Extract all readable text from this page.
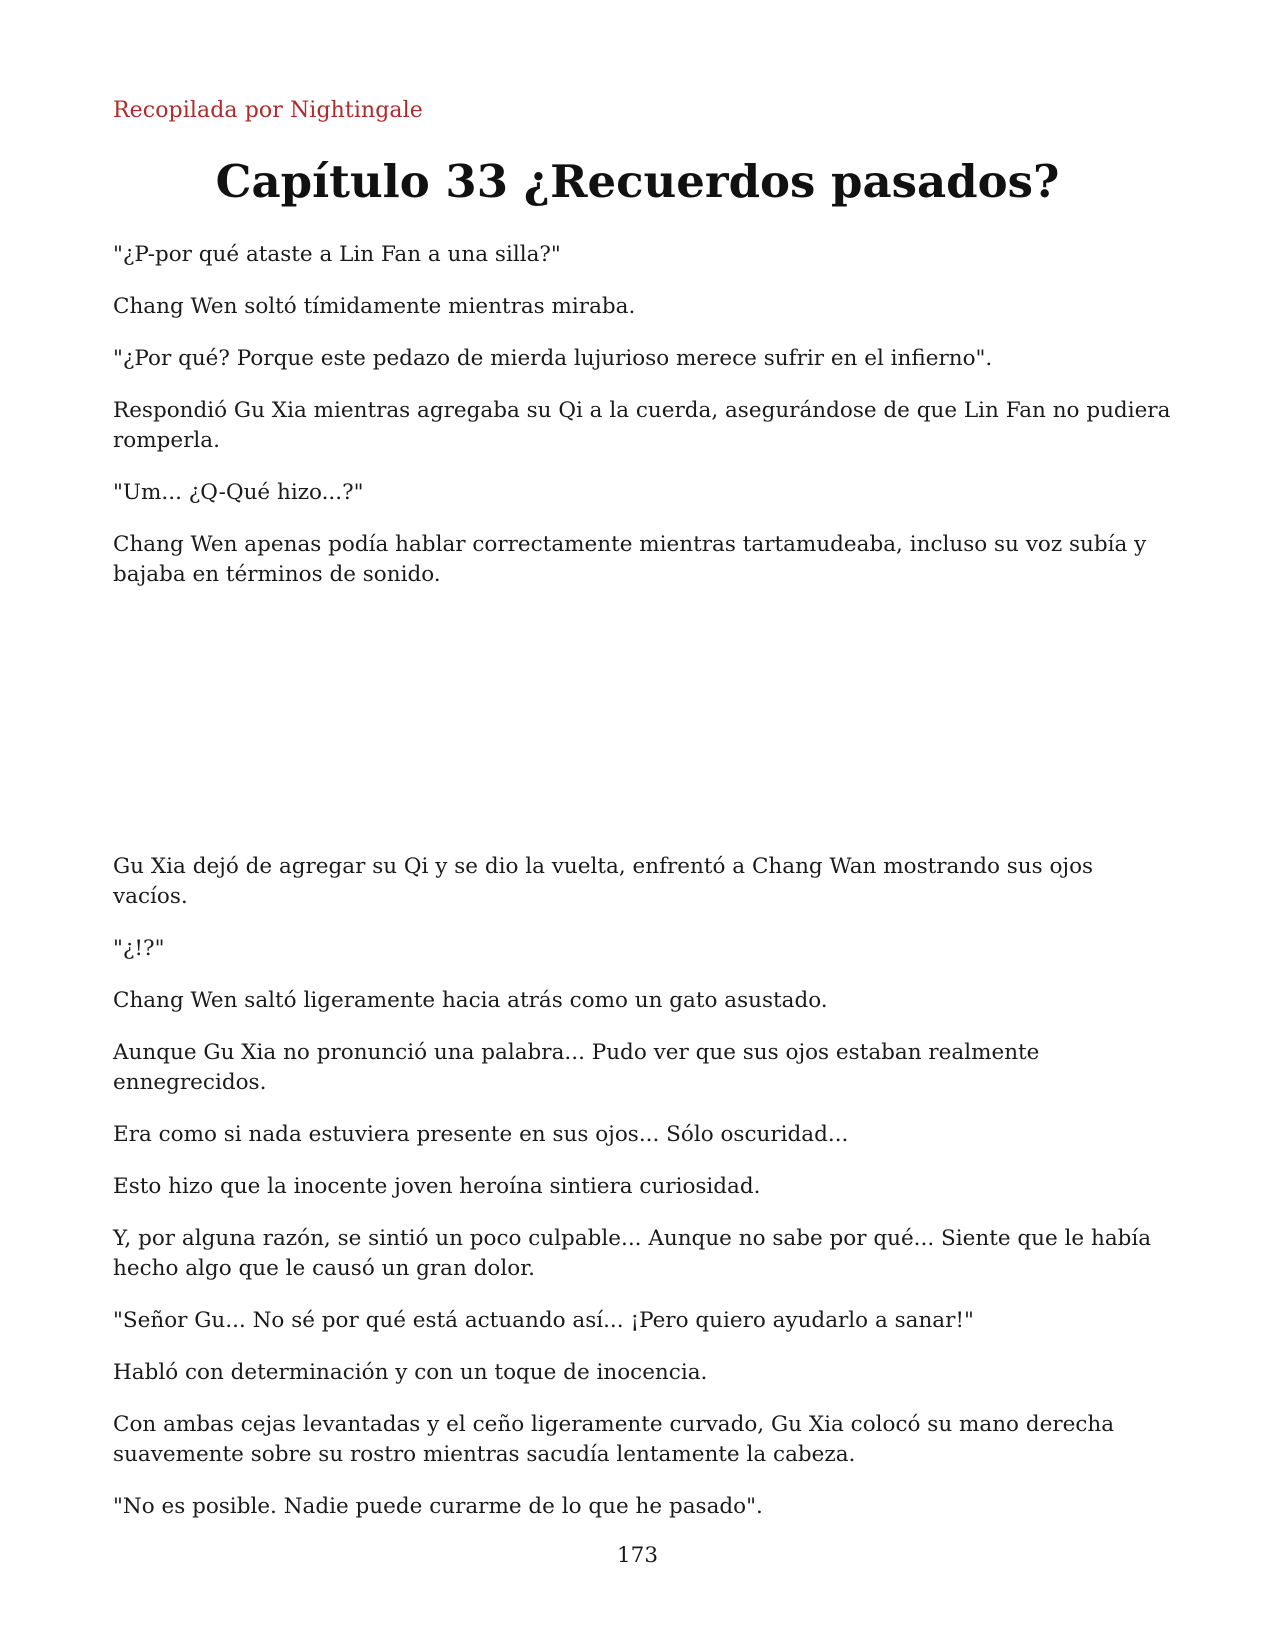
Recopilada por Nightingale
Capítulo 33 ¿Recuerdos pasados?

"¿P-por qué ataste a Lin Fan a una silla?"

Chang Wen soltó tímidamente mientras miraba.

"¿Por qué? Porque este pedazo de mierda lujurioso merece sufrir en el infierno".

Respondió Gu Xia mientras agregaba su Qi a la cuerda, asegurándose de que Lin Fan no pudiera romperla.

"Um... ¿Q-Qué hizo...?"

Chang Wen apenas podía hablar correctamente mientras tartamudeaba, incluso su voz subía y bajaba en términos de sonido.

Gu Xia dejó de agregar su Qi y se dio la vuelta, enfrentó a Chang Wan mostrando sus ojos vacíos.

"¿!?"

Chang Wen saltó ligeramente hacia atrás como un gato asustado.

Aunque Gu Xia no pronunció una palabra... Pudo ver que sus ojos estaban realmente ennegrecidos.

Era como si nada estuviera presente en sus ojos... Sólo oscuridad...

Esto hizo que la inocente joven heroína sintiera curiosidad.

Y, por alguna razón, se sintió un poco culpable... Aunque no sabe por qué... Siente que le había hecho algo que le causó un gran dolor.

"Señor Gu... No sé por qué está actuando así... ¡Pero quiero ayudarlo a sanar!"

Habló con determinación y con un toque de inocencia.

Con ambas cejas levantadas y el ceño ligeramente curvado, Gu Xia colocó su mano derecha suavemente sobre su rostro mientras sacudía lentamente la cabeza.

"No es posible. Nadie puede curarme de lo que he pasado".

173
